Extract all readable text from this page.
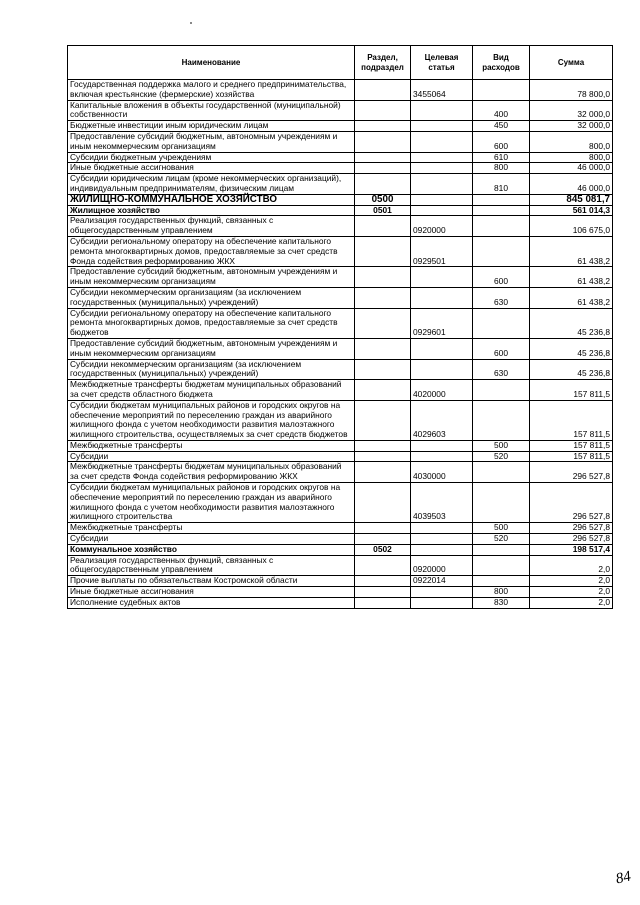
Наименование	Раздел, подраздел	Целевая статья	Вид расходов	Сумма
Государственная поддержка малого и среднего предпринимательства, включая крестьянские (фермерские) хозяйства		3455064		78 800,0
Капитальные вложения в объекты государственной (муниципальной) собственности			400	32 000,0
Бюджетные инвестиции иным юридическим лицам			450	32 000,0
Предоставление субсидий бюджетным, автономным учреждениям и иным некоммерческим организациям			600	800,0
Субсидии бюджетным учреждениям			610	800,0
Иные бюджетные ассигнования			800	46 000,0
Субсидии юридическим лицам (кроме некоммерческих организаций), индивидуальным предпринимателям, физическим лицам			810	46 000,0
ЖИЛИЩНО-КОММУНАЛЬНОЕ ХОЗЯЙСТВО	0500			845 081,7
Жилищное хозяйство	0501			561 014,3
Реализация государственных функций, связанных с общегосударственным управлением		0920000		106 675,0
Субсидии региональному оператору на обеспечение капитального ремонта многоквартирных домов, предоставляемые за счет средств Фонда содействия реформированию ЖКХ		0929501		61 438,2
Предоставление субсидий бюджетным, автономным учреждениям и иным некоммерческим организациям			600	61 438,2
Субсидии некоммерческим организациям (за исключением государственных (муниципальных) учреждений)			630	61 438,2
Субсидии региональному оператору на обеспечение капитального ремонта многоквартирных домов, предоставляемые за счет средств бюджетов		0929601		45 236,8
Предоставление субсидий бюджетным, автономным учреждениям и иным некоммерческим организациям			600	45 236,8
Субсидии некоммерческим организациям (за исключением государственных (муниципальных) учреждений)			630	45 236,8
Межбюджетные трансферты бюджетам муниципальных образований за счет средств областного бюджета		4020000		157 811,5
Субсидии бюджетам муниципальных районов и городских округов на обеспечение мероприятий по переселению граждан из аварийного жилищного фонда с учетом необходимости развития малоэтажного жилищного строительства, осуществляемых за счет средств бюджетов		4029603		157 811,5
Межбюджетные трансферты			500	157 811,5
Субсидии			520	157 811,5
Межбюджетные трансферты бюджетам муниципальных образований за счет средств Фонда содействия реформированию ЖКХ		4030000		296 527,8
Субсидии бюджетам муниципальных районов и городских округов на обеспечение мероприятий по переселению граждан из аварийного жилищного фонда с учетом необходимости развития малоэтажного жилищного строительства		4039503		296 527,8
Межбюджетные трансферты			500	296 527,8
Субсидии			520	296 527,8
Коммунальное хозяйство	0502			198 517,4
Реализация государственных функций, связанных с общегосударственным управлением		0920000		2,0
Прочие выплаты по обязательствам Костромской области		0922014		2,0
Иные бюджетные ассигнования			800	2,0
Исполнение судебных актов			830	2,0
84
